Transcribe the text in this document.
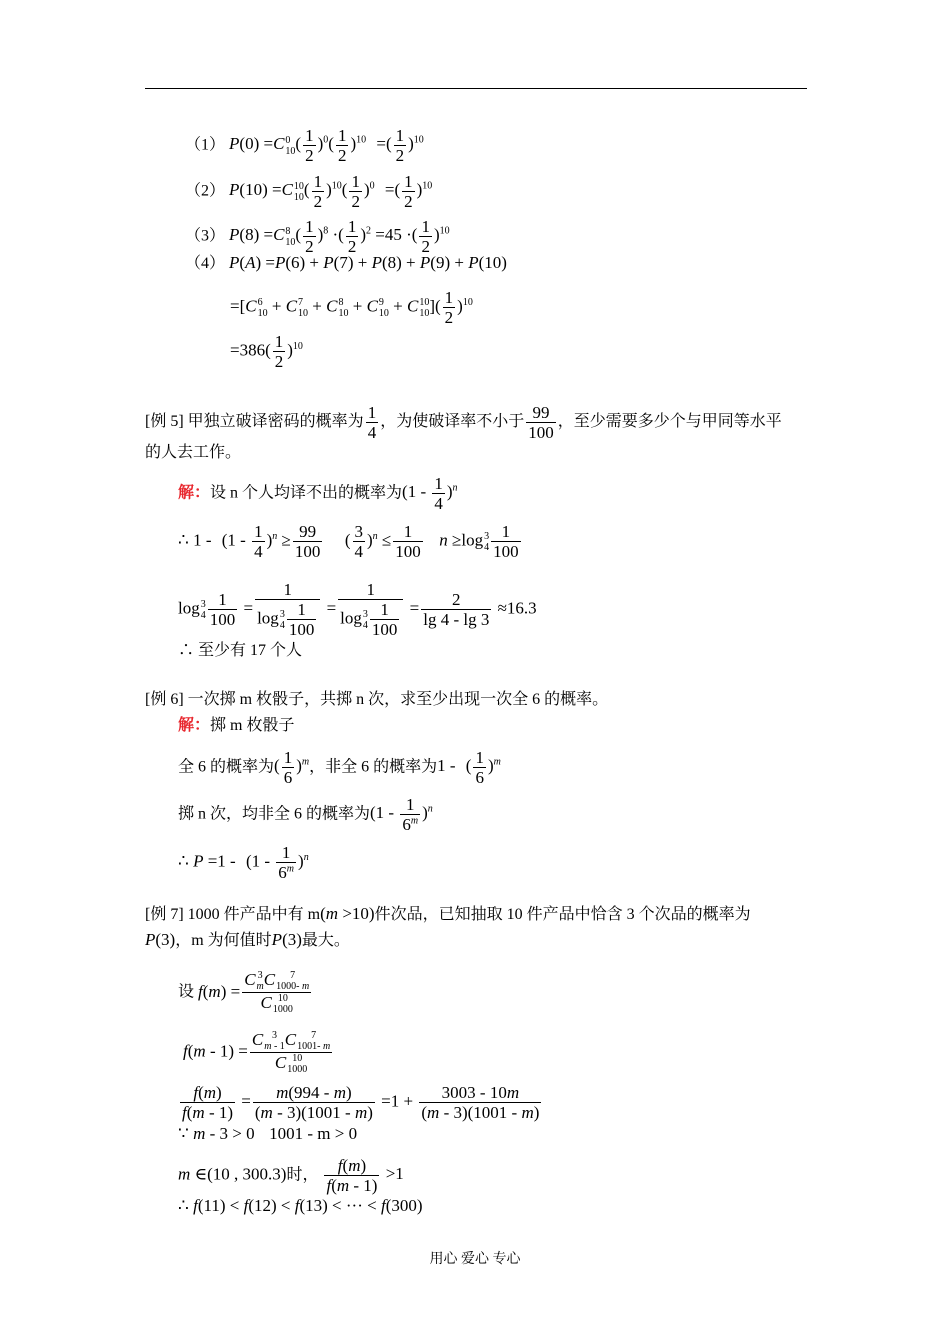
（1） P(0) =C 0
10 ( $\frac{1}{2} )^0( \frac{1}{2} )^{10}$ =( $\frac{1}{2} )^{10}$
（2） P(10) =C 10
10 ( $\frac{1}{2} )^{10}( \frac{1}{2} )^0$ =( $\frac{1}{2} )^{10}$
（3） P(8) =C 8
10 ( $\frac{1}{2} )^8$ ·( $\frac{1}{2} )^2 =45$ ·( $\frac{1}{2} )^{10}$
（4） P(A) =P(6) + P(7) + P(8) + P(9) + P(10)
=[C 6
10 + C 7
10 + C 8
10 + C 9
10 + C 10
10 ]( $\frac{1}{2} )^{10}$
$=386( \frac{1}{2} )^{10}$
[例 5] 甲独立破译密码的概率为 $\frac{1}{4}$ ，为使破译率不小于 $\frac{99}{100}$ ，至少需要多少个与甲同等水平
的人去工作。
解：设 n 个人均译不出的概率为$(1 - \frac{1}{4} )^n$
∴ $1 - (1 - \frac{1}{4} )^n \ge \frac{99}{100}$ ( $\frac{3}{4} )^n \le \frac{1}{100}$ n ≥log 3
$4 \frac{1}{100}$
log 3
$4 \frac{1}{100} = 1$
log 3
$4 \frac{1}{100} = 1$
log 3
$4 \frac{1}{100} = \frac{2}{\lg 4 - \lg 3} \approx 16.3$
∴ 至少有 17 个人
[例 6] 一次掷 m 枚骰子，共掷 n 次，求至少出现一次全 6 的概率。
解：掷 m 枚骰子
全 6 的概率为( $\frac{1}{6} )^m$，非全 6 的概率为1 - ( $\frac{1}{6} )^m$
掷 n 次，均非全 6 的概率为$(1 - \frac{1}{6^m} )^n$
∴ $P =1 - (1 - \frac{1}{6^m} )^n$
[例 7] 1000 件产品中有 m(m >10)件次品，已知抽取 10 件产品中恰含 3 个次品的概率为
P(3)，m 为何值时P(3)最大。
设 f(m) = C 3
m C	7
1000- m
C 10
1000
f(m - 1) = C 3
m - 1 C	7
1001- m
C 10
1000
$\frac{f(m)}{f(m - 1)} = \frac{m(994 - m)}{(m - 3)(1001 - m)} =1 + \frac{3003 - 10m}{(m - 3)(1001 - m)}$
∵ m - 3 > 0  1001 - m > 0
m ∈(10 , 300.3)时， $\frac{f(m)}{f(m - 1)} >1$
∴ f(11) < f(12) < f(13) < ··· < f(300)
用心 爱心 专心
